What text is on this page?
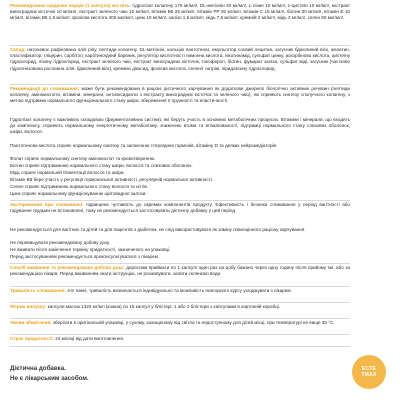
Рекомендована щоденна порція (1 капсула) містить: гідролізат колагену 175 мг/мл!, DL-метіонін 40 мг/мл!, L-лізин 10 мг/мл!, L-цистеїн 10 мг/мл!, екстракт виноградних кісточок 10 мг/мл!, екстракт зеленого чаю 10 мг/мл!, вітамін B5 25 мг/мл!, вітамін PP 20 мг/мл!, вітамін C 15 мг/мл!, біотин 30 мг/мл!, вітамін E 10 мг/мл!, вітамін B6 1,5 мг/мл!, фолієва кислота 400 мкг/мл!, цинк 10 мг/мл!, залізо 1,5 мг/мл!, мідь 7,5 мг/мл!, кремній 2 мг/мл!, мідь 2 мг/мл!, селен 50 мкг/мл!.

Склад: натоневоє рафінована олія ріпу, пептиди колагену, DL-метіонін, кальцію пантотенат, емульгатор соєвий лецитин, загусник бджолиний віск, желатин, пластифікатор: гліцерин, сорбітол; каротиноїдний барвник, регулятор кислотності лимонна кислота, нікотинамід, сульфат цинку, аскорбінова кислота, цистеїну гідрохлорид, лізину гідрохлорид, екстракт зеленого чаю, екстракт виноградних кісточок, токоферол, біотин, фумарат заліза, сульфат міді, загусник (частково гідрогенізована рослинна олія, бджолиний віск), кремнію діоксид, фолієва кислота, селеніт натрію, піридоксину гідрохлорид.

Рекомендації до споживання: може бути рекомендована в раціоні дієтичного харчування як додаткове джерело біологічно активних речовин (пептиди колагену, амінокислоти, вітаміни, мінерали, антиоксиданти з екстракту виноградних кісточок та зеленого чаю), які сприяють синтезу сполучного колагену, з метою підтримки нормального функціонального стану шкіри, збереження її пружності та еластичності.

Гідролізат колагену є важливою складовою (ферментативних систем), які беруть участь в основних метаболічних процесах. Вітаміни і мінерали, що входять до комплексу, сприяють нормальному енергетичному метаболізму, зниженню втоми та втомлюваності, підтримці нормального стану слизових оболонок, шкіри, волосся.

Пантотенова кислота сприяє нормальному синтезу та засвоєнню стероїдних гормонів, вітаміну D та деяких нейромедіаторів.

Фолат сприяє нормальному синтезу амінокислот та кровотворенню.

Біотин сприяє підтриманню нормального стану шкіри, волосся та слизових оболонок.

Мідь сприяє нормальній пігментації волосся та шкіри.

Вітамін B6 бере участь у регуляції гормональної активності, регулярній нормальної активності.

Селен сприяє підтриманню нормального стану волосся та нігтів.

Цинк сприяє нормальному функціонуванню щитовидної залози.

Застереження при споживанні: підвищена чутливість до окремих компонентів продукту. Ефективність і безпека споживання у період вагітності або годування грудьми не встановлені, тому не рекомендується застосовувати дієтичну добавку у цей період.

Не рекомендується для вагітних та дітей та для пацієнтів з діабетом, не слід використовувати як заміну повноцінного раціону харчування.

Не перевищувати рекомендовану добову дозу.

Не вживати після закінчення терміну придатності, зазначеного на упаковці.

Перед застосуванням рекомендується проконсультуватися з лікарем.

Спосіб вживання та рекомендована добова доза: дорослим приймати по 1 капсулі один раз на добу бажано через одну годину після прийому їжі, або за рекомендацією лікаря. Перед вживанням знати інструкцію, не розжовувати, запити склянкою води.

Тривалість споживання: 4-8 тижні, тривалість визначається індивідуально та можливість повторного курсу узгоджувати з лікарем.

Форма випуску: капсули масою 1325 мг/мл (кожна) по 15 капсул у блістері; 1 або 2 блістери з капсулами в картонній коробці.

Умови зберігання: зберігати в оригінальній упаковці, у сухому, захищеному від світла та недоступному для дітей місці, при температурі не вище 30 °С.

Строк придатності: 24 місяці від дати виготовлення.

Дієтична добавка.
Не є лікарським засобом.
ЕСТЕ
TMAX
